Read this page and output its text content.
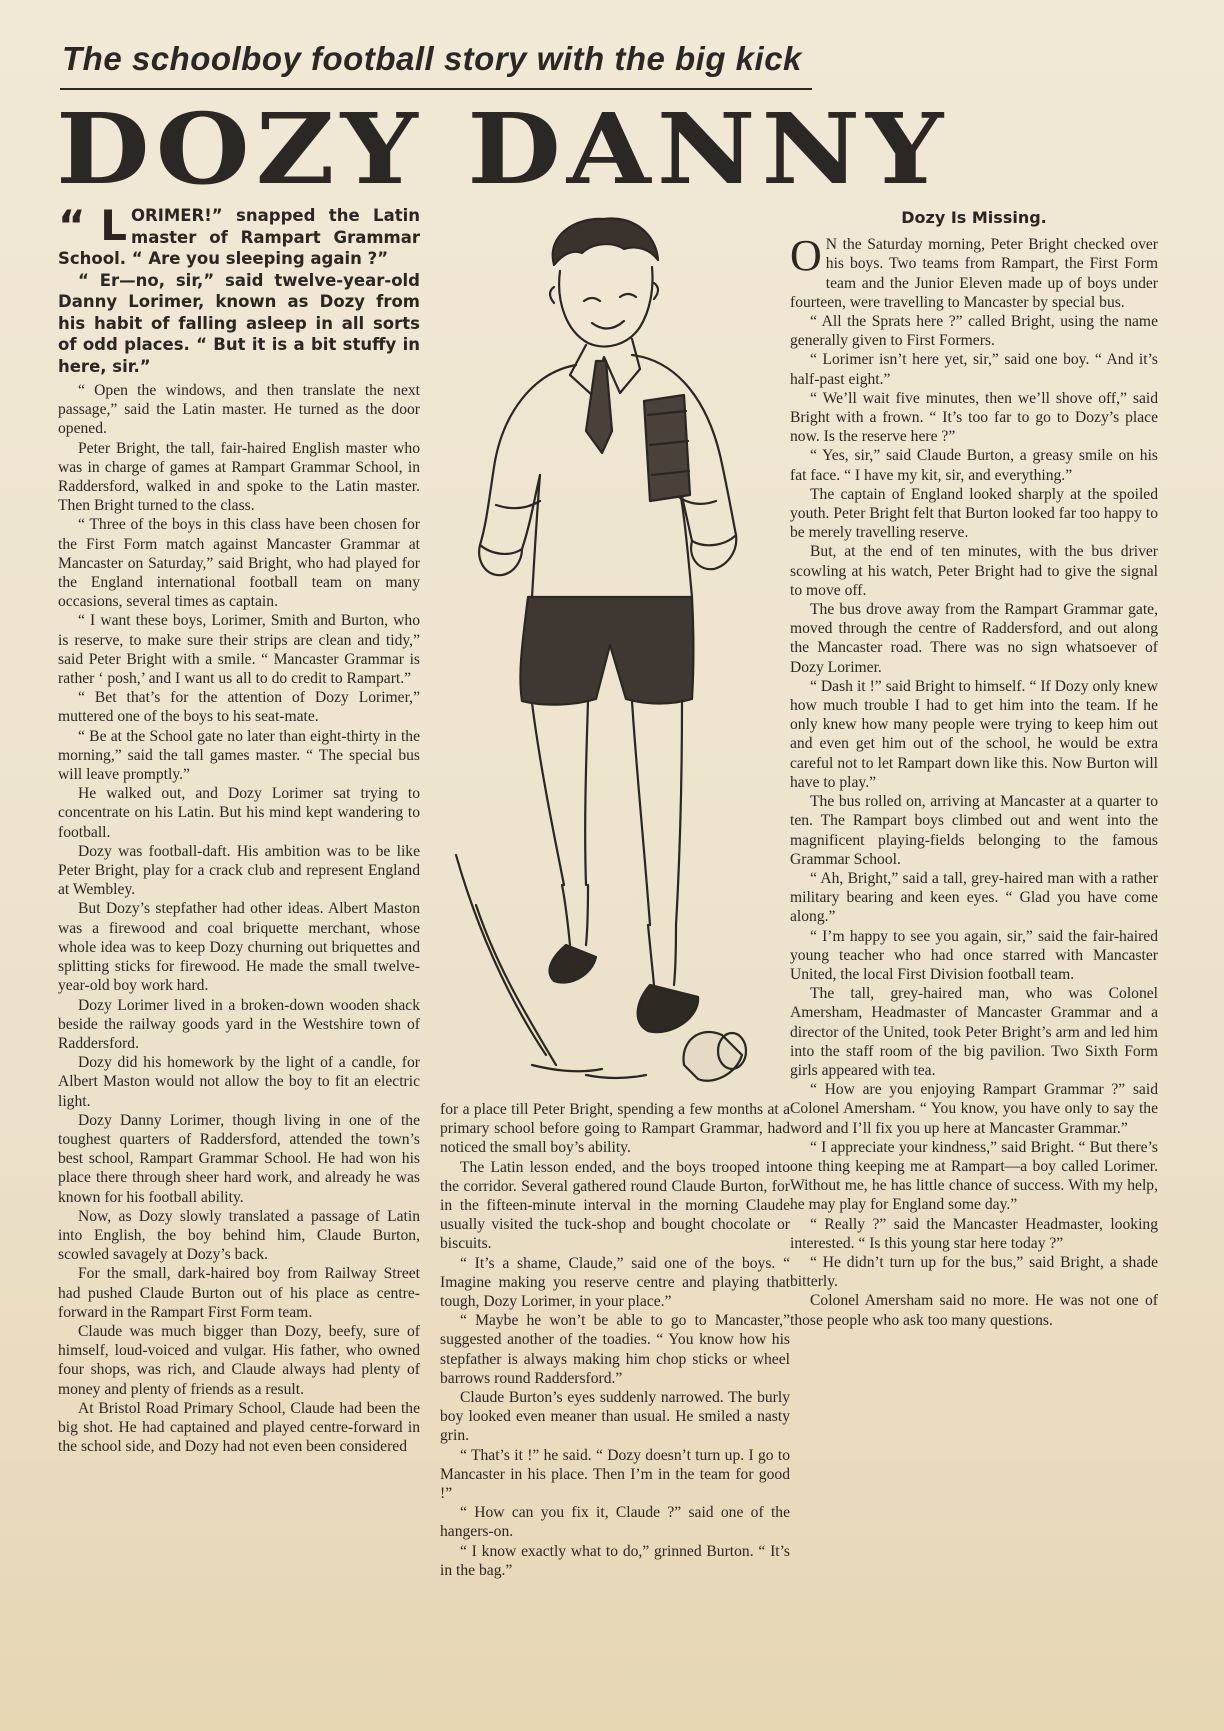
The schoolboy football story with the big kick
DOZY DANNY

“ L ORIMER!” snapped the Latin master of Rampart Grammar School. “ Are you sleeping again ?”

“ Er—no, sir,” said twelve-year-old Danny Lorimer, known as Dozy from his habit of falling asleep in all sorts of odd places. “ But it is a bit stuffy in here, sir.”

“ Open the windows, and then translate the next passage,” said the Latin master. He turned as the door opened.

Peter Bright, the tall, fair-haired English master who was in charge of games at Rampart Grammar School, in Raddersford, walked in and spoke to the Latin master. Then Bright turned to the class.

“ Three of the boys in this class have been chosen for the First Form match against Mancaster Grammar at Mancaster on Saturday,” said Bright, who had played for the England international football team on many occasions, several times as captain.

“ I want these boys, Lorimer, Smith and Burton, who is reserve, to make sure their strips are clean and tidy,” said Peter Bright with a smile. “ Mancaster Grammar is rather ‘ posh,’ and I want us all to do credit to Rampart.”

“ Bet that’s for the attention of Dozy Lorimer,” muttered one of the boys to his seat-mate.

“ Be at the School gate no later than eight-thirty in the morning,” said the tall games master. “ The special bus will leave promptly.”

He walked out, and Dozy Lorimer sat trying to concentrate on his Latin. But his mind kept wandering to football.

Dozy was football-daft. His ambition was to be like Peter Bright, play for a crack club and represent England at Wembley.

But Dozy’s stepfather had other ideas. Albert Maston was a firewood and coal briquette merchant, whose whole idea was to keep Dozy churning out briquettes and splitting sticks for firewood. He made the small twelve-year-old boy work hard.

Dozy Lorimer lived in a broken-down wooden shack beside the railway goods yard in the Westshire town of Raddersford.

Dozy did his homework by the light of a candle, for Albert Maston would not allow the boy to fit an electric light.

Dozy Danny Lorimer, though living in one of the toughest quarters of Raddersford, attended the town’s best school, Rampart Grammar School. He had won his place there through sheer hard work, and already he was known for his football ability.

Now, as Dozy slowly translated a passage of Latin into English, the boy behind him, Claude Burton, scowled savagely at Dozy’s back.

For the small, dark-haired boy from Railway Street had pushed Claude Burton out of his place as centre-forward in the Rampart First Form team.

Claude was much bigger than Dozy, beefy, sure of himself, loud-voiced and vulgar. His father, who owned four shops, was rich, and Claude always had plenty of money and plenty of friends as a result.

At Bristol Road Primary School, Claude had been the big shot. He had captained and played centre-forward in the school side, and Dozy had not even been considered

for a place till Peter Bright, spending a few months at a primary school before going to Rampart Grammar, had noticed the small boy’s ability.

The Latin lesson ended, and the boys trooped into the corridor. Several gathered round Claude Burton, for in the fifteen-minute interval in the morning Claude usually visited the tuck-shop and bought chocolate or biscuits.

“ It’s a shame, Claude,” said one of the boys. “ Imagine making you reserve centre and playing that tough, Dozy Lorimer, in your place.”

“ Maybe he won’t be able to go to Mancaster,” suggested another of the toadies. “ You know how his stepfather is always making him chop sticks or wheel barrows round Raddersford.”

Claude Burton’s eyes suddenly narrowed. The burly boy looked even meaner than usual. He smiled a nasty grin.

“ That’s it !” he said. “ Dozy doesn’t turn up. I go to Mancaster in his place. Then I’m in the team for good !”

“ How can you fix it, Claude ?” said one of the hangers-on.

“ I know exactly what to do,” grinned Burton. “ It’s in the bag.”

Dozy Is Missing.

O N the Saturday morning, Peter Bright checked over his boys. Two teams from Rampart, the First Form team and the Junior Eleven made up of boys under fourteen, were travelling to Mancaster by special bus.

“ All the Sprats here ?” called Bright, using the name generally given to First Formers.

“ Lorimer isn’t here yet, sir,” said one boy. “ And it’s half-past eight.”

“ We’ll wait five minutes, then we’ll shove off,” said Bright with a frown. “ It’s too far to go to Dozy’s place now. Is the reserve here ?”

“ Yes, sir,” said Claude Burton, a greasy smile on his fat face. “ I have my kit, sir, and everything.”

The captain of England looked sharply at the spoiled youth. Peter Bright felt that Burton looked far too happy to be merely travelling reserve.

But, at the end of ten minutes, with the bus driver scowling at his watch, Peter Bright had to give the signal to move off.

The bus drove away from the Rampart Grammar gate, moved through the centre of Raddersford, and out along the Mancaster road. There was no sign whatsoever of Dozy Lorimer.

“ Dash it !” said Bright to himself. “ If Dozy only knew how much trouble I had to get him into the team. If he only knew how many people were trying to keep him out and even get him out of the school, he would be extra careful not to let Rampart down like this. Now Burton will have to play.”

The bus rolled on, arriving at Mancaster at a quarter to ten. The Rampart boys climbed out and went into the magnificent playing-fields belonging to the famous Grammar School.

“ Ah, Bright,” said a tall, grey-haired man with a rather military bearing and keen eyes. “ Glad you have come along.”

“ I’m happy to see you again, sir,” said the fair-haired young teacher who had once starred with Mancaster United, the local First Division football team.

The tall, grey-haired man, who was Colonel Amersham, Headmaster of Mancaster Grammar and a director of the United, took Peter Bright’s arm and led him into the staff room of the big pavilion. Two Sixth Form girls appeared with tea.

“ How are you enjoying Rampart Grammar ?” said Colonel Amersham. “ You know, you have only to say the word and I’ll fix you up here at Mancaster Grammar.”

“ I appreciate your kindness,” said Bright. “ But there’s one thing keeping me at Rampart—a boy called Lorimer. Without me, he has little chance of success. With my help, he may play for England some day.”

“ Really ?” said the Mancaster Headmaster, looking interested. “ Is this young star here today ?”

“ He didn’t turn up for the bus,” said Bright, a shade bitterly.

Colonel Amersham said no more. He was not one of those people who ask too many questions.
